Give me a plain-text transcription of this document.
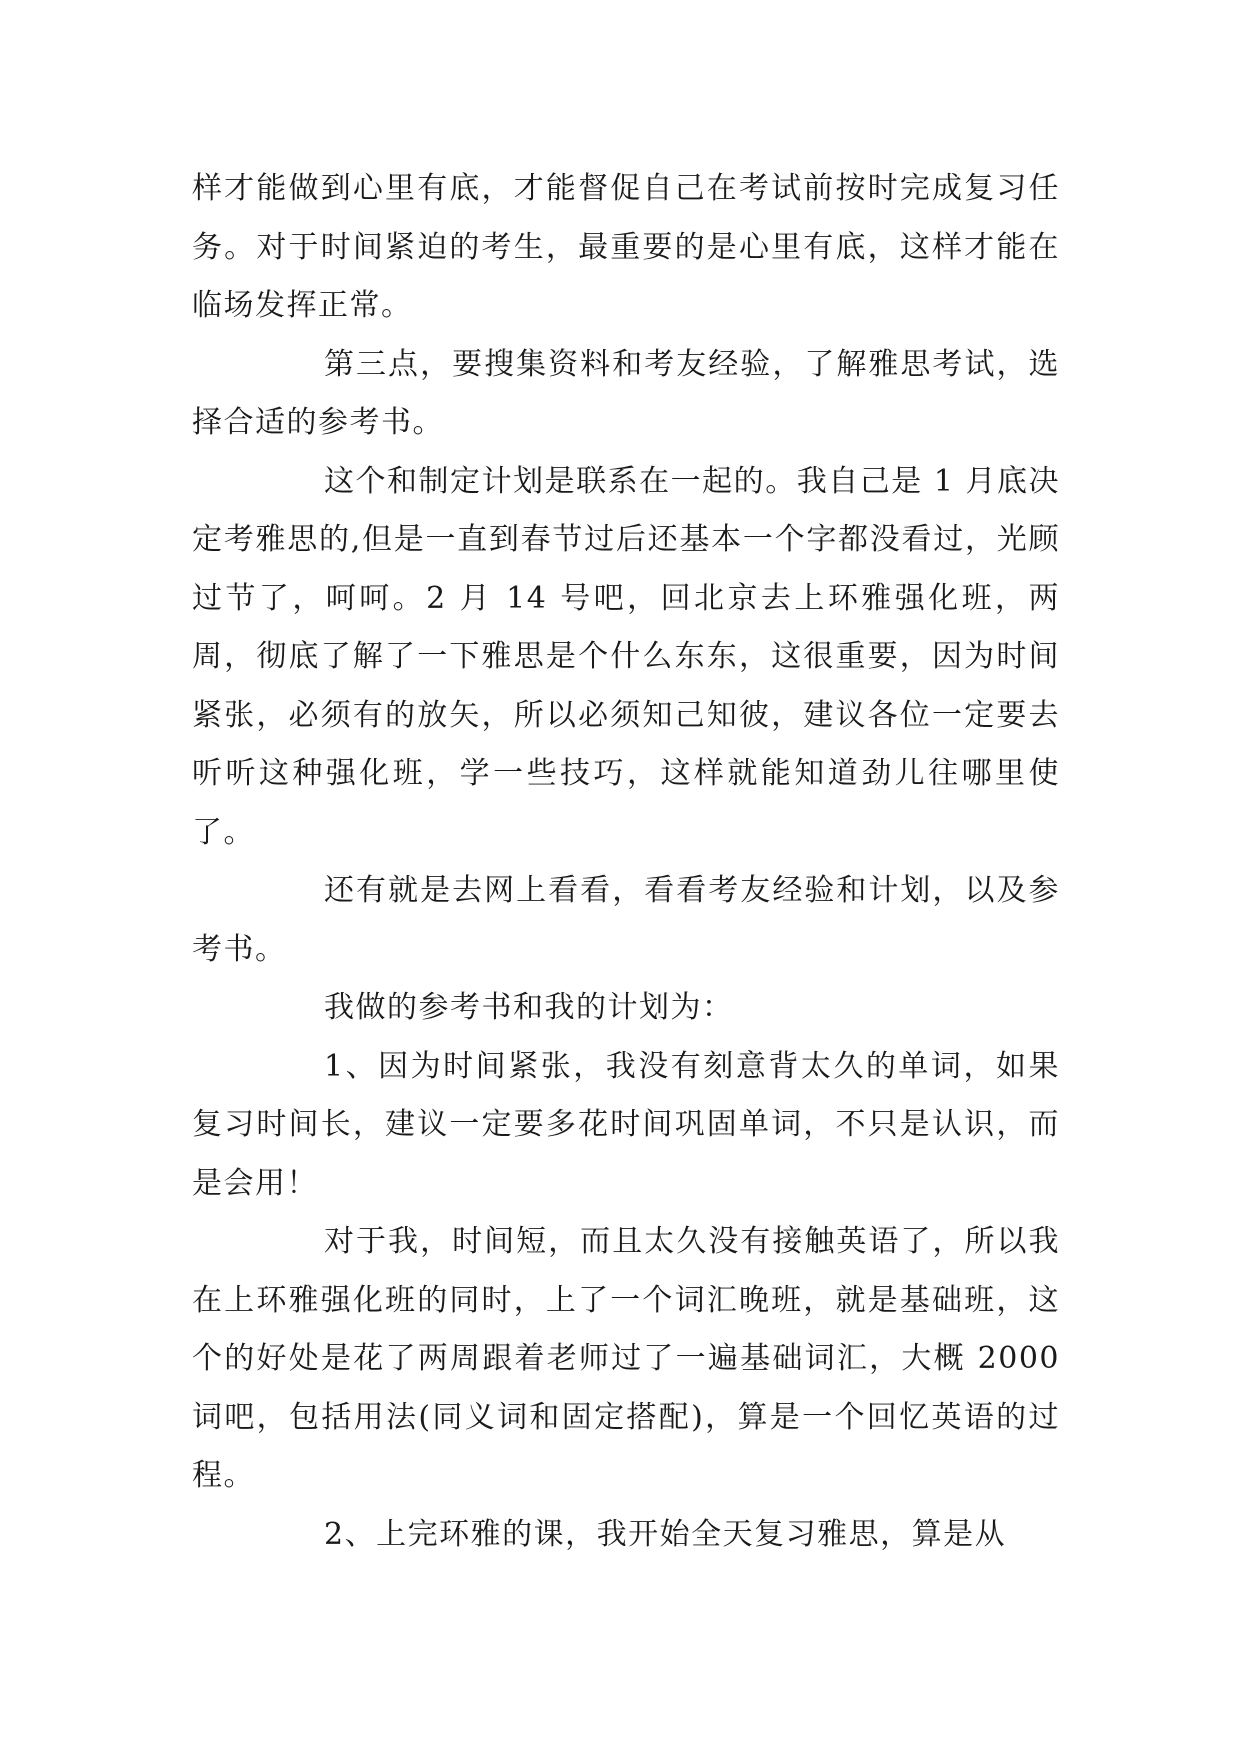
样才能做到心里有底，才能督促自己在考试前按时完成复习任务。对于时间紧迫的考生，最重要的是心里有底，这样才能在临场发挥正常。

第三点，要搜集资料和考友经验，了解雅思考试，选择合适的参考书。

这个和制定计划是联系在一起的。我自己是 1 月底决定考雅思的,但是一直到春节过后还基本一个字都没看过，光顾过节了，呵呵。2 月 14 号吧，回北京去上环雅强化班，两周，彻底了解了一下雅思是个什么东东，这很重要，因为时间紧张，必须有的放矢，所以必须知己知彼，建议各位一定要去听听这种强化班，学一些技巧，这样就能知道劲儿往哪里使了。

还有就是去网上看看，看看考友经验和计划，以及参考书。

我做的参考书和我的计划为：

1、因为时间紧张，我没有刻意背太久的单词，如果复习时间长，建议一定要多花时间巩固单词，不只是认识，而是会用！

对于我，时间短，而且太久没有接触英语了，所以我在上环雅强化班的同时，上了一个词汇晚班，就是基础班，这个的好处是花了两周跟着老师过了一遍基础词汇，大概 2000 词吧，包括用法(同义词和固定搭配)，算是一个回忆英语的过程。

2、上完环雅的课，我开始全天复习雅思，算是从
